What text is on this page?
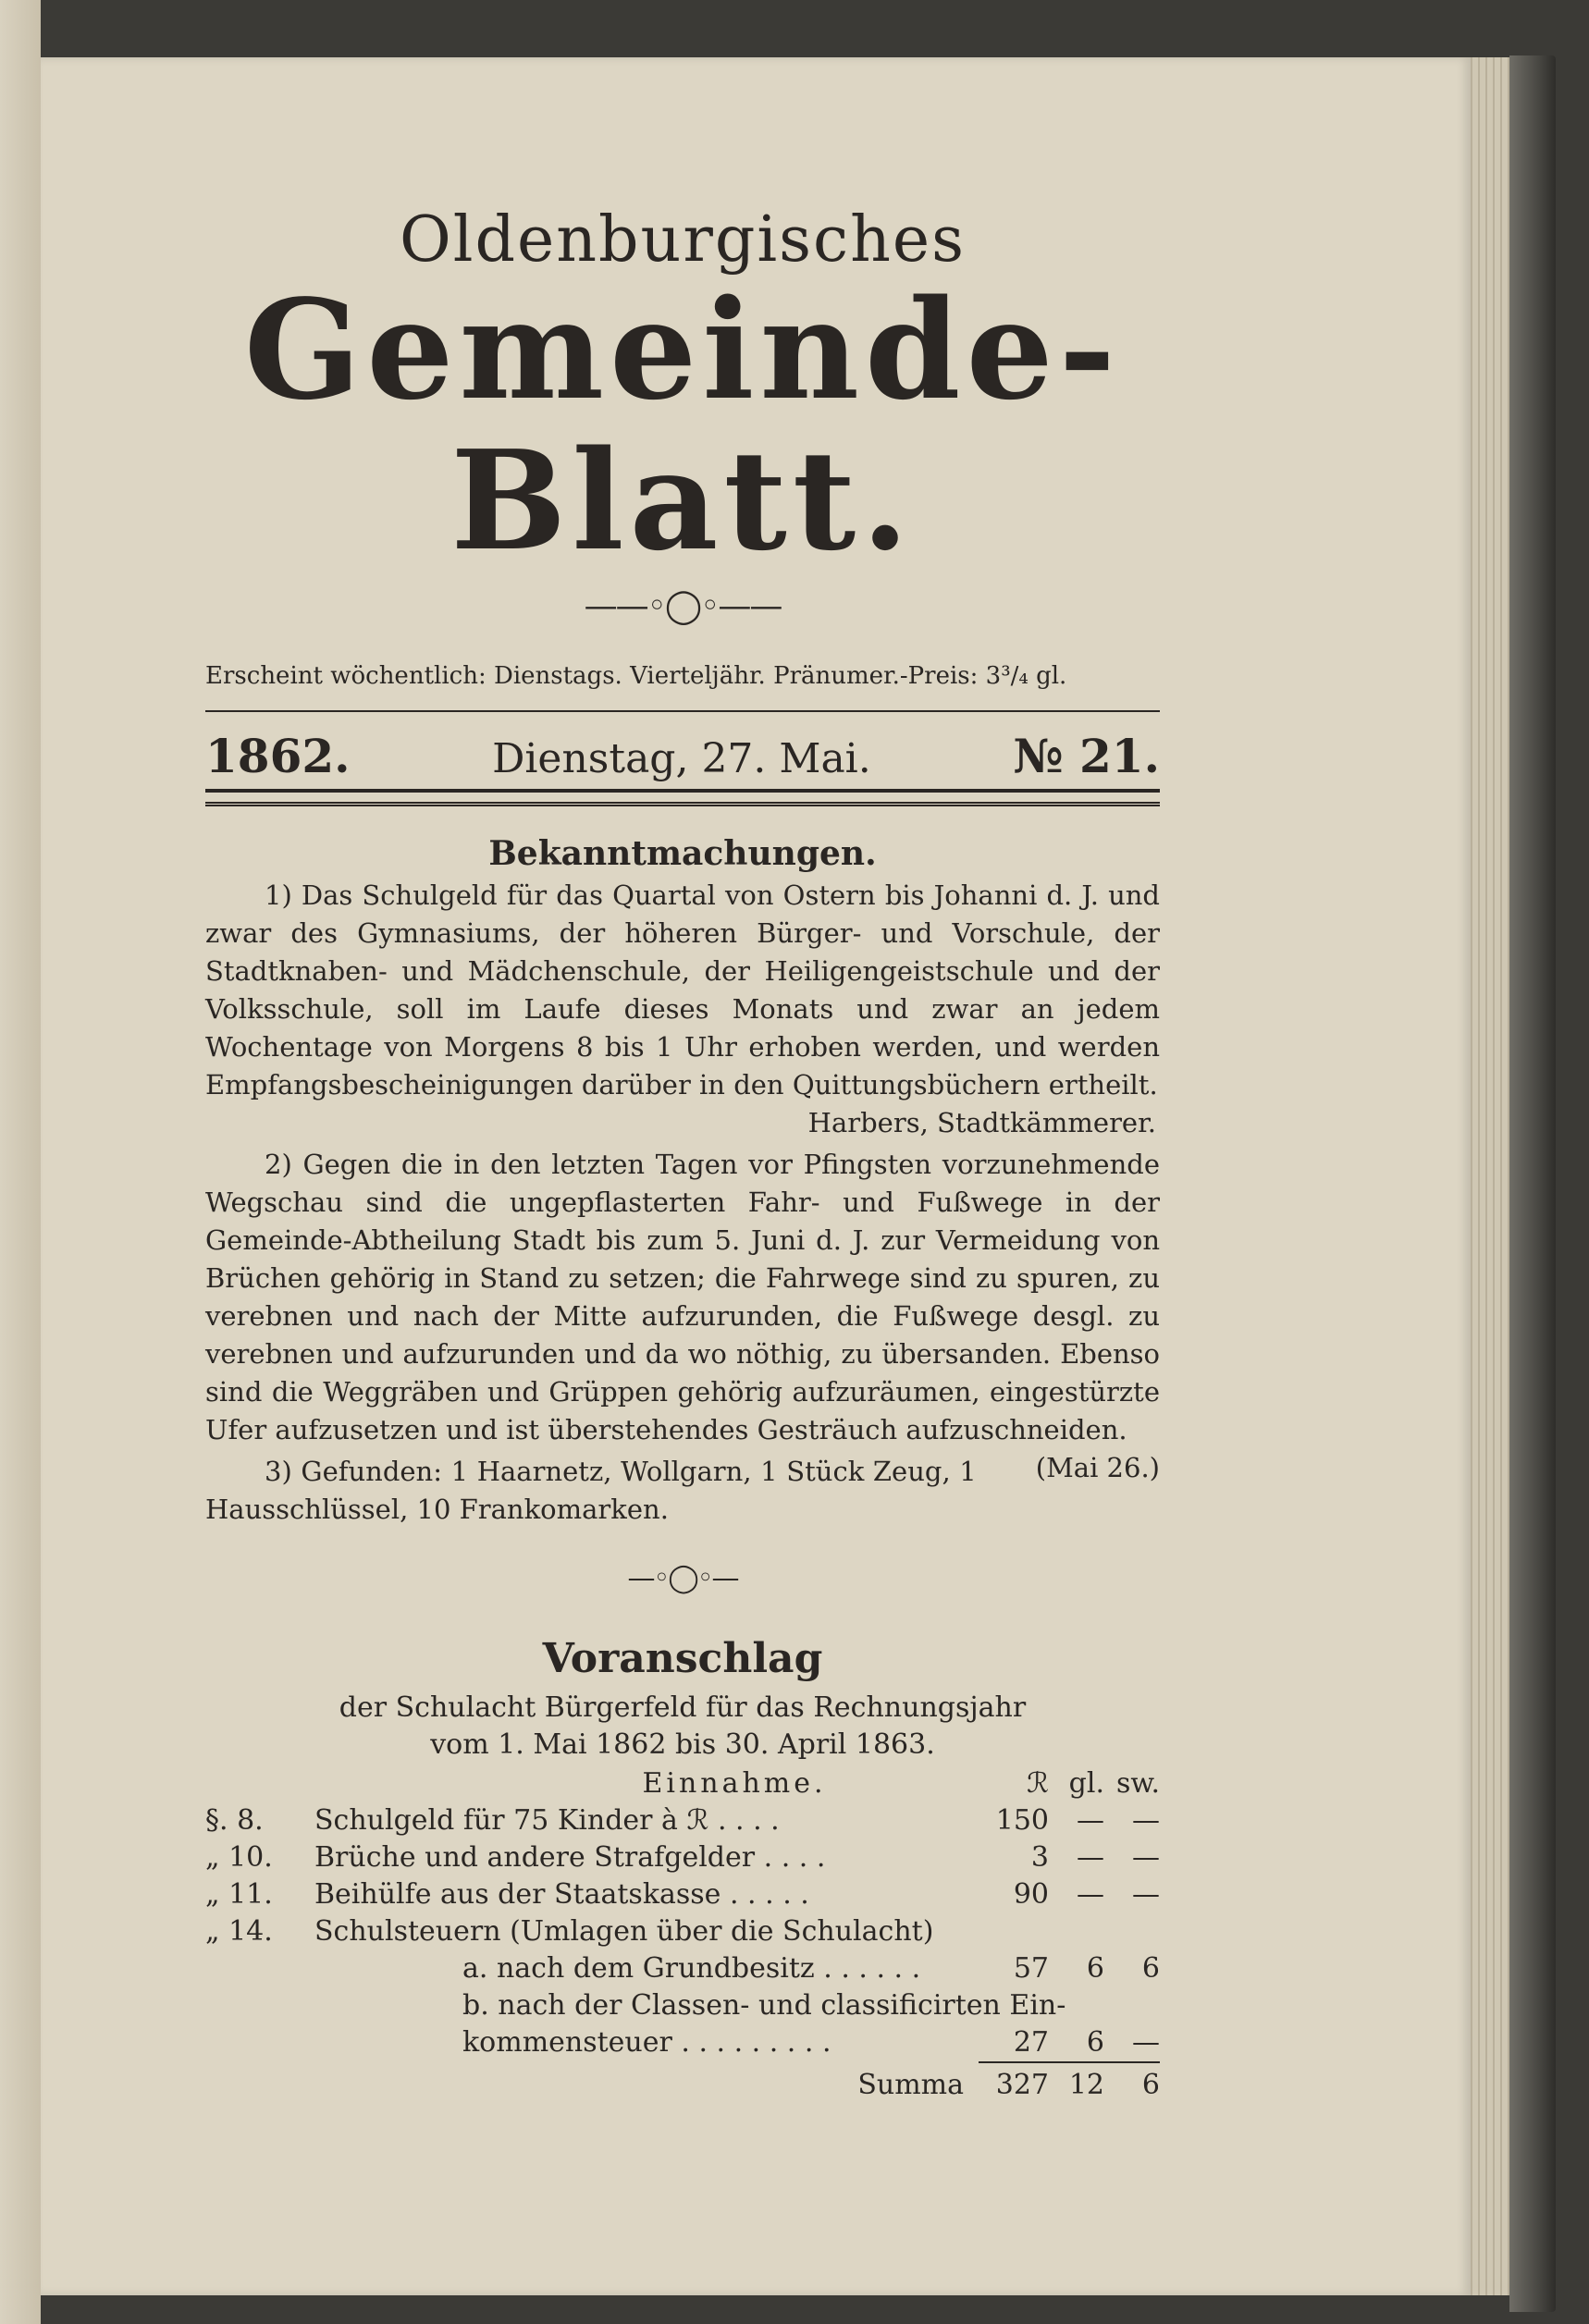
Oldenburgisches
Gemeinde-Blatt.
——◦◯◦——
Erscheint wöchentlich: Dienstags. Vierteljähr. Pränumer.-Preis: 3³/₄ gl.
1862.	Dienstag, 27. Mai.	№ 21.
Bekanntmachungen.

1) Das Schulgeld für das Quartal von Ostern bis Johanni d. J. und zwar des Gymnasiums, der höheren Bürger- und Vorschule, der Stadtknaben- und Mädchenschule, der Heiligengeistschule und der Volksschule, soll im Laufe dieses Monats und zwar an jedem Wochentage von Morgens 8 bis 1 Uhr erhoben werden, und werden Empfangsbescheinigungen darüber in den Quittungsbüchern ertheilt.

Harbers, Stadtkämmerer.

2) Gegen die in den letzten Tagen vor Pfingsten vorzunehmende Wegschau sind die ungepflasterten Fahr- und Fußwege in der Gemeinde-Abtheilung Stadt bis zum 5. Juni d. J. zur Vermeidung von Brüchen gehörig in Stand zu setzen; die Fahrwege sind zu spuren, zu verebnen und nach der Mitte aufzurunden, die Fußwege desgl. zu verebnen und aufzurunden und da wo nöthig, zu übersanden. Ebenso sind die Weggräben und Grüppen gehörig aufzuräumen, eingestürzte Ufer aufzusetzen und ist überstehendes Gesträuch aufzuschneiden.
(Mai 26.)

3) Gefunden: 1 Haarnetz, Wollgarn, 1 Stück Zeug, 1 Hausschlüssel, 10 Frankomarken.

—◦◯◦—
Voranschlag
der Schulacht Bürgerfeld für das Rechnungsjahr
vom 1. Mai 1862 bis 30. April 1863.
	Einnahme.	ℛ	gl.	sw.
§. 8.	Schulgeld für 75 Kinder à ℛ . . . .	150	—	—
„ 10.	Brüche und andere Strafgelder . . . .	3	—	—
„ 11.	Beihülfe aus der Staatskasse . . . . .	90	—	—
„ 14.	Schulsteuern (Umlagen über die Schulacht)			
	a. nach dem Grundbesitz . . . . . .	57	6	6
	b. nach der Classen- und classificirten Ein-			
	kommensteuer . . . . . . . . .	27	6	—

	Summa	327	12	6
